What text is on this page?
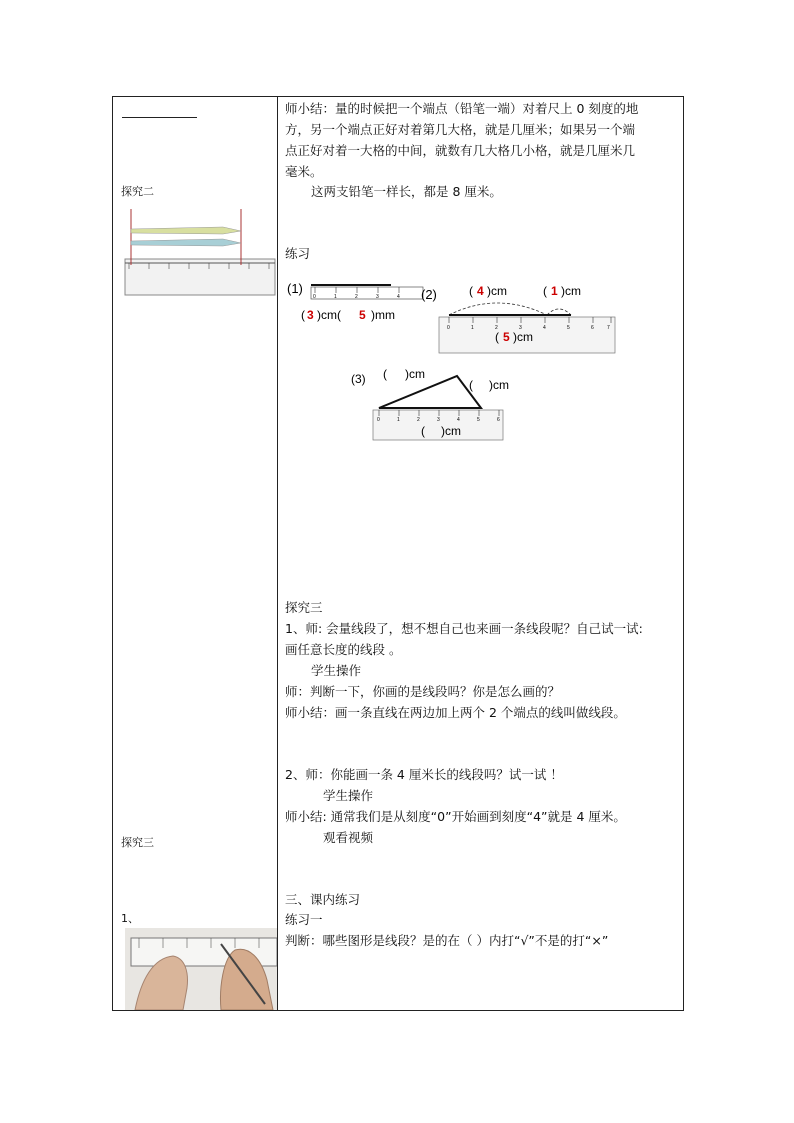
探究二
探究三
1、
师小结：量的时候把一个端点（铅笔一端）对着尺上 0 刻度的地
方，另一个端点正好对着第几大格，就是几厘米；如果另一个端
点正好对着一大格的中间，就数有几大格几小格，就是几厘米几
毫米。
这两支铅笔一样长，都是 8 厘米。
练习
(1)
0	1	2	3	4
( 3 )cm( 5 )mm
(2)	( 4 )cm	( 1 )cm
0	1	2	3	4	5	6	7
( 5 )cm
(3) ( )cm
( )cm
0	1	2	3	4	5	6
( )cm
探究三
1、师: 会量线段了，想不想自己也来画一条线段呢？自己试一试:
画任意长度的线段 。
学生操作
师：判断一下，你画的是线段吗？你是怎么画的？
师小结：画一条直线在两边加上两个 2 个端点的线叫做线段。
2、师：你能画一条 4 厘米长的线段吗？试一试 ！
学生操作
师小结: 通常我们是从刻度“0”开始画到刻度“4”就是 4 厘米。
观看视频
三、课内练习
练习一
判断：哪些图形是线段？是的在（ ）内打“√”不是的打“×”
